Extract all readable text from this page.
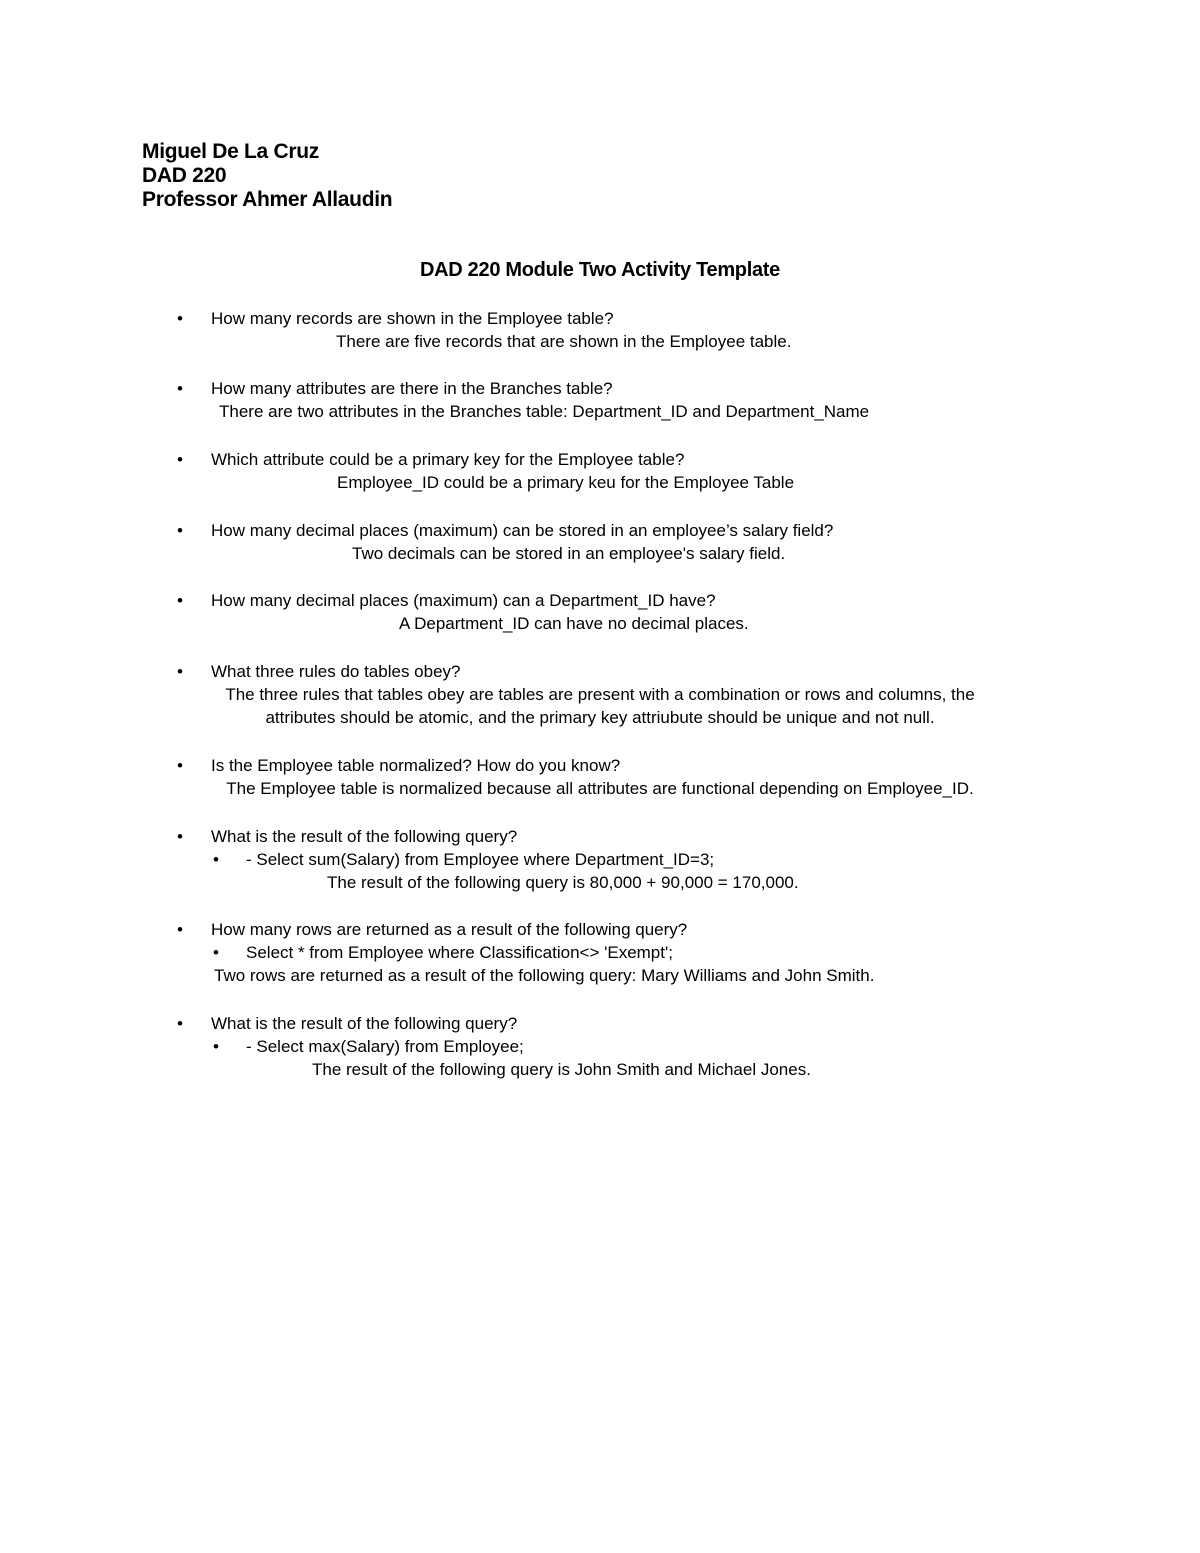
Miguel De La Cruz
DAD 220
Professor Ahmer Allaudin
DAD 220 Module Two Activity Template
• How many records are shown in the Employee table?
There are five records that are shown in the Employee table.
• How many attributes are there in the Branches table?
There are two attributes in the Branches table: Department_ID and Department_Name
• Which attribute could be a primary key for the Employee table?
Employee_ID could be a primary keu for the Employee Table
• How many decimal places (maximum) can be stored in an employee’s salary field?
Two decimals can be stored in an employee's salary field.
• How many decimal places (maximum) can a Department_ID have?
A Department_ID can have no decimal places.
• What three rules do tables obey?
The three rules that tables obey are tables are present with a combination or rows and columns, the
attributes should be atomic, and the primary key attriubute should be unique and not null.
• Is the Employee table normalized? How do you know?
The Employee table is normalized because all attributes are functional depending on Employee_ID.
• What is the result of the following query?
• - Select sum(Salary) from Employee where Department_ID=3;
The result of the following query is 80,000 + 90,000 = 170,000.
• How many rows are returned as a result of the following query?
• Select * from Employee where Classification<> 'Exempt';
Two rows are returned as a result of the following query: Mary Williams and John Smith.
• What is the result of the following query?
• - Select max(Salary) from Employee;
The result of the following query is John Smith and Michael Jones.
